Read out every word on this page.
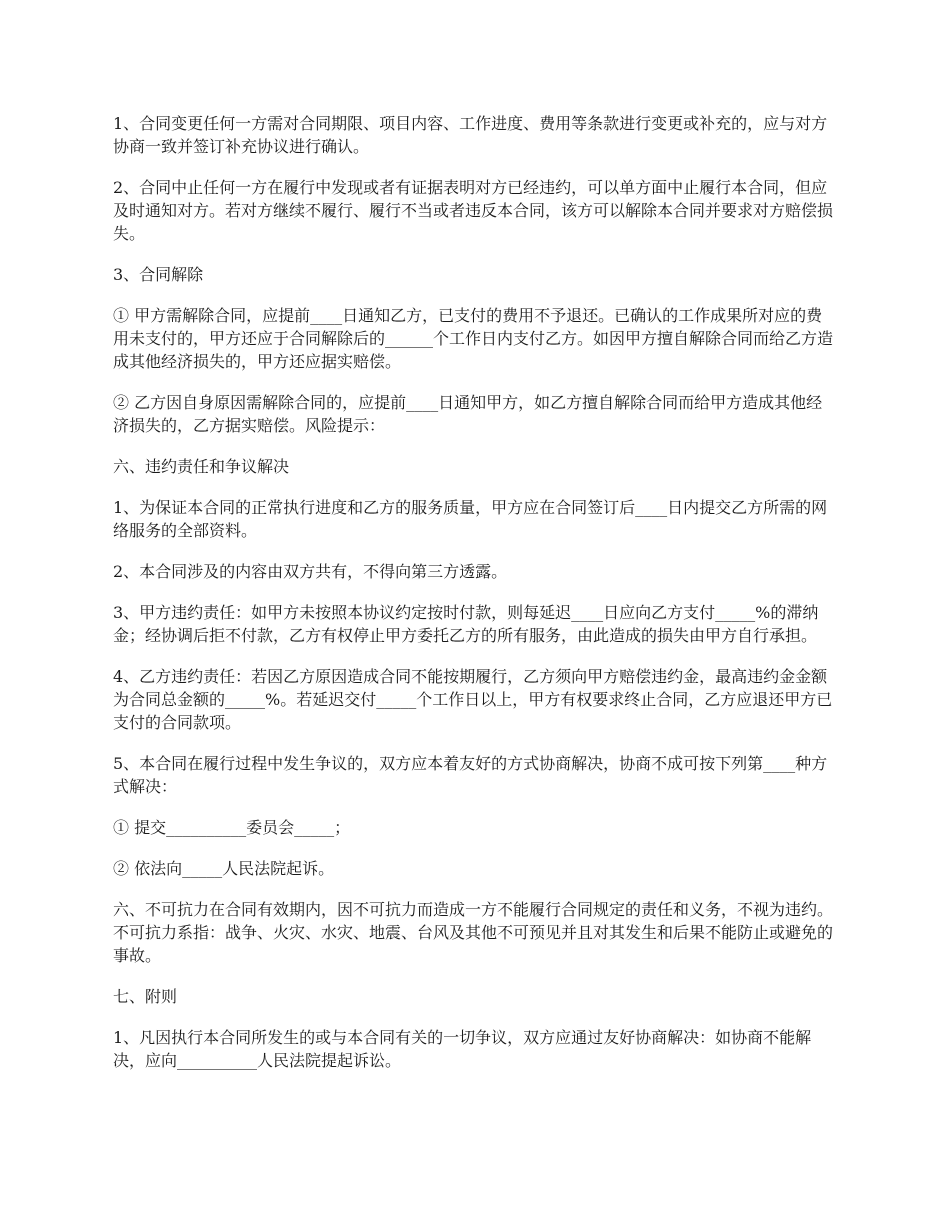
1、合同变更任何一方需对合同期限、项目内容、工作进度、费用等条款进行变更或补充的，应与对方协商一致并签订补充协议进行确认。

2、合同中止任何一方在履行中发现或者有证据表明对方已经违约，可以单方面中止履行本合同，但应及时通知对方。若对方继续不履行、履行不当或者违反本合同，该方可以解除本合同并要求对方赔偿损失。

3、合同解除

① 甲方需解除合同，应提前____日通知乙方，已支付的费用不予退还。已确认的工作成果所对应的费用未支付的，甲方还应于合同解除后的______个工作日内支付乙方。如因甲方擅自解除合同而给乙方造成其他经济损失的，甲方还应据实赔偿。

② 乙方因自身原因需解除合同的，应提前____日通知甲方，如乙方擅自解除合同而给甲方造成其他经济损失的，乙方据实赔偿。风险提示：

六、违约责任和争议解决

1、为保证本合同的正常执行进度和乙方的服务质量，甲方应在合同签订后____日内提交乙方所需的网络服务的全部资料。

2、本合同涉及的内容由双方共有，不得向第三方透露。

3、甲方违约责任：如甲方未按照本协议约定按时付款，则每延迟____日应向乙方支付_____%的滞纳金；经协调后拒不付款，乙方有权停止甲方委托乙方的所有服务，由此造成的损失由甲方自行承担。

4、乙方违约责任：若因乙方原因造成合同不能按期履行，乙方须向甲方赔偿违约金，最高违约金金额为合同总金额的_____%。若延迟交付_____个工作日以上，甲方有权要求终止合同，乙方应退还甲方已支付的合同款项。

5、本合同在履行过程中发生争议的，双方应本着友好的方式协商解决，协商不成可按下列第____种方式解决：

① 提交__________委员会_____；

② 依法向_____人民法院起诉。

六、不可抗力在合同有效期内，因不可抗力而造成一方不能履行合同规定的责任和义务，不视为违约。不可抗力系指：战争、火灾、水灾、地震、台风及其他不可预见并且对其发生和后果不能防止或避免的事故。

七、附则

1、凡因执行本合同所发生的或与本合同有关的一切争议，双方应通过友好协商解决：如协商不能解决，应向__________人民法院提起诉讼。
